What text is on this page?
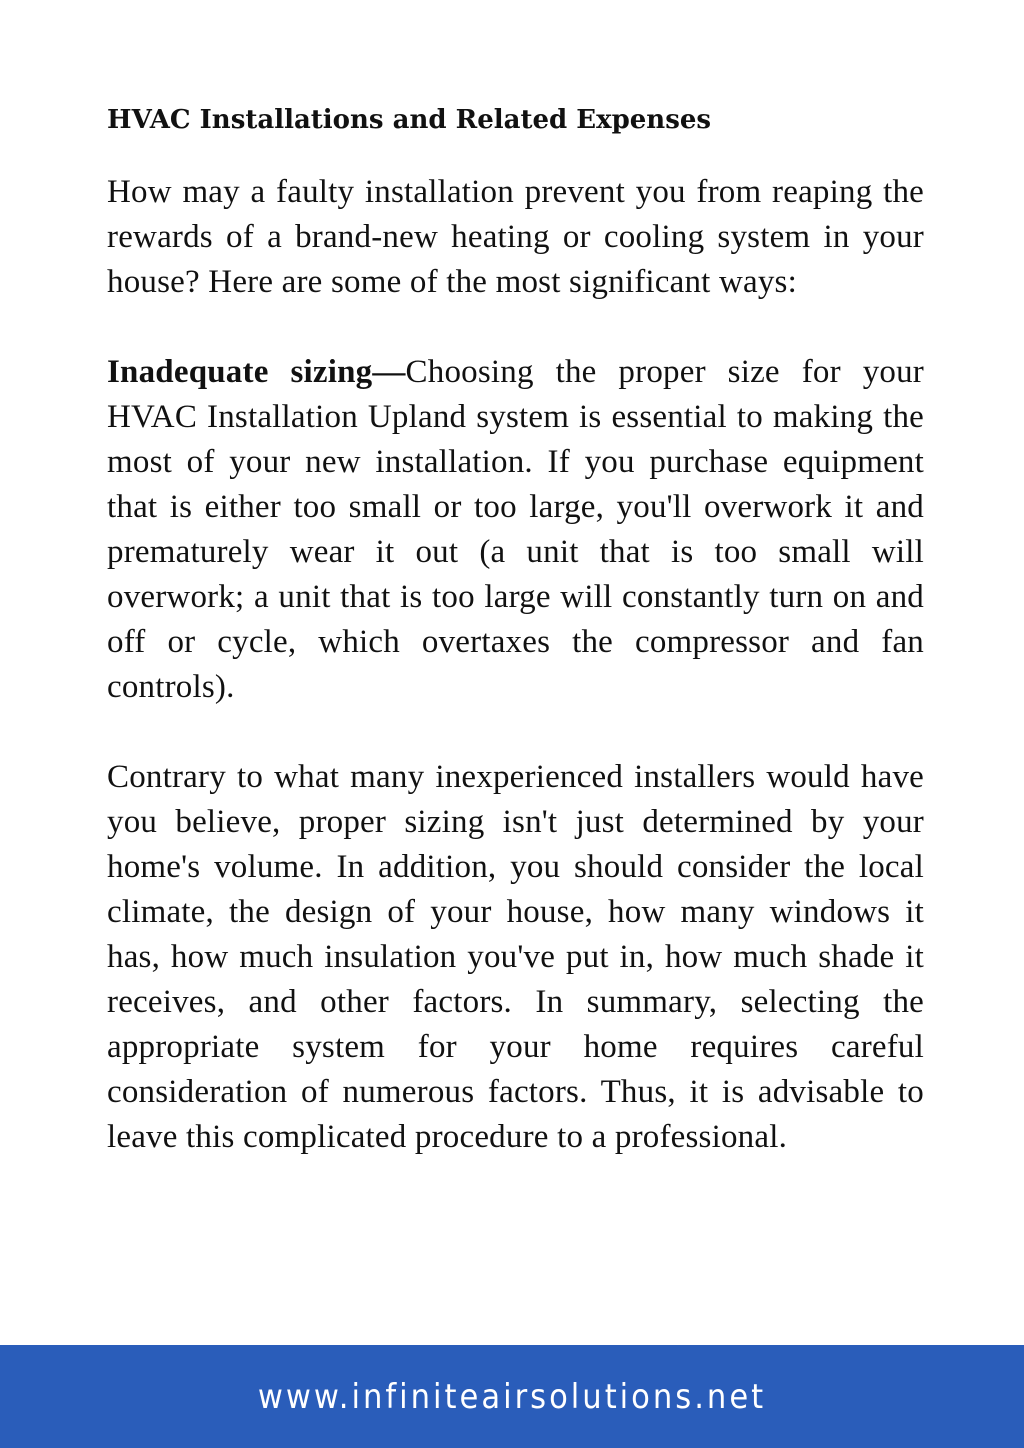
HVAC Installations and Related Expenses

How may a faulty installation prevent you from reaping the rewards of a brand-new heating or cooling system in your house? Here are some of the most significant ways:

Inadequate sizing—Choosing the proper size for your HVAC Installation Upland system is essential to making the most of your new installation. If you purchase equipment that is either too small or too large, you'll overwork it and prematurely wear it out (a unit that is too small will overwork; a unit that is too large will constantly turn on and off or cycle, which overtaxes the compressor and fan controls).

Contrary to what many inexperienced installers would have you believe, proper sizing isn't just determined by your home's volume. In addition, you should consider the local climate, the design of your house, how many windows it has, how much insulation you've put in, how much shade it receives, and other factors. In summary, selecting the appropriate system for your home requires careful consideration of numerous factors. Thus, it is advisable to leave this complicated procedure to a professional.

www.infiniteairsolutions.net
